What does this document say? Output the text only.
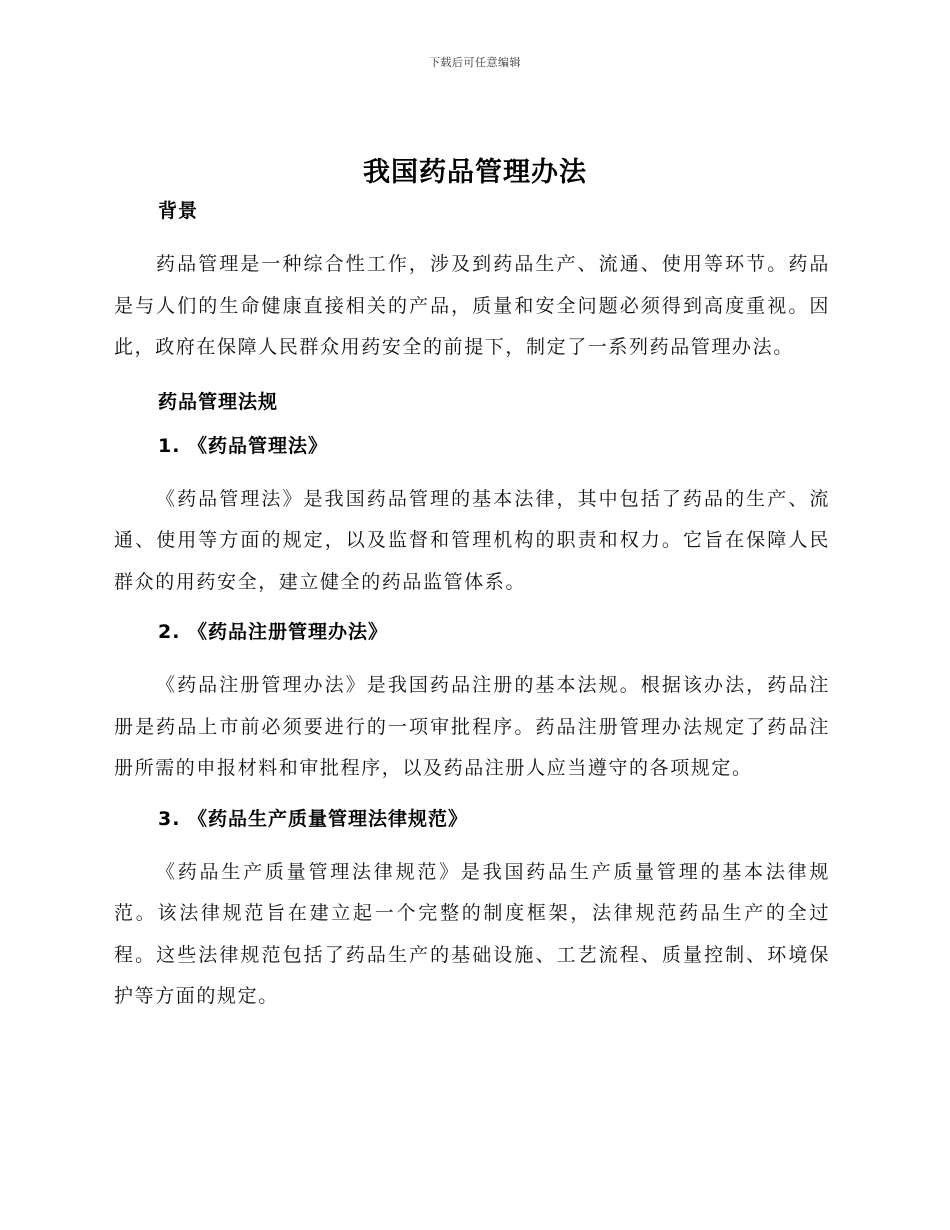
下载后可任意编辑
我国药品管理办法
背景

药品管理是一种综合性工作，涉及到药品生产、流通、使用等环节。药品是与人们的生命健康直接相关的产品，质量和安全问题必须得到高度重视。因此，政府在保障人民群众用药安全的前提下，制定了一系列药品管理办法。

药品管理法规
1. 《药品管理法》

《药品管理法》是我国药品管理的基本法律，其中包括了药品的生产、流通、使用等方面的规定，以及监督和管理机构的职责和权力。它旨在保障人民群众的用药安全，建立健全的药品监管体系。

2. 《药品注册管理办法》

《药品注册管理办法》是我国药品注册的基本法规。根据该办法，药品注册是药品上市前必须要进行的一项审批程序。药品注册管理办法规定了药品注册所需的申报材料和审批程序，以及药品注册人应当遵守的各项规定。

3. 《药品生产质量管理法律规范》

《药品生产质量管理法律规范》是我国药品生产质量管理的基本法律规范。该法律规范旨在建立起一个完整的制度框架，法律规范药品生产的全过程。这些法律规范包括了药品生产的基础设施、工艺流程、质量控制、环境保护等方面的规定。
